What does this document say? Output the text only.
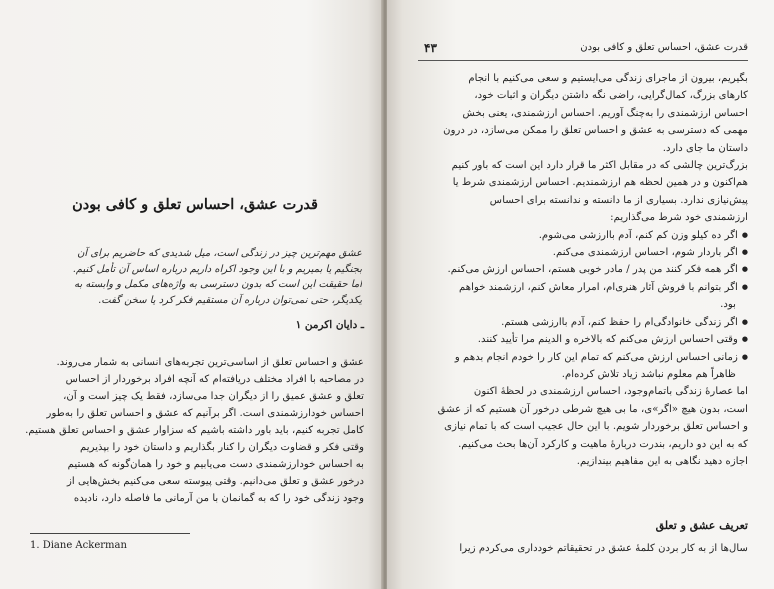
قدرت عشق، احساس تعلق و کافی بودن
عشق مهم‌ترین چیز در زندگی است، میل شدیدی که حاضریم برای آن
بجنگیم یا بمیریم و با این وجود اکراه داریم درباره اساس آن تأمل کنیم.
اما حقیقت این است که بدون دسترسی به واژه‌های مکمل و وابسته به
یکدیگر، حتی نمی‌توان درباره آن مستقیم فکر کرد یا سخن گفت.
ـ دایان اکرمن ۱
عشق و احساس تعلق از اساسی‌ترین تجربه‌های انسانی به شمار می‌روند.
در مصاحبه با افراد مختلف دریافته‌ام که آنچه افراد برخوردار از احساس
تعلق و عشق عمیق را از دیگران جدا می‌سازد، فقط یک چیز است و آن،
احساس خودارزشمندی است. اگر برآنیم که عشق و احساس تعلق را به‌طور
کامل تجربه کنیم، باید باور داشته باشیم که سزاوار عشق و احساس تعلق هستیم.
وقتی فکر و قضاوت دیگران را کنار بگذاریم و داستان خود را بپذیریم
به احساس خودارزشمندی دست می‌یابیم و خود را همان‌گونه که هستیم
درخور عشق و تعلق می‌دانیم. وقتی پیوسته سعی می‌کنیم بخش‌هایی از
وجود زندگی خود را که به گمانمان با من آرمانی ما فاصله دارد، نادیده
1. Diane Ackerman
۴۳	قدرت عشق، احساس تعلق و کافی بودن
بگیریم، بیرون از ماجرای زندگی می‌ایستیم و سعی می‌کنیم با انجام
کارهای بزرگ، کمال‌گرایی، راضی نگه داشتن دیگران و اثبات خود،
احساس ارزشمندی را به‌چنگ آوریم. احساس ارزشمندی، یعنی بخش
مهمی که دسترسی به عشق و احساس تعلق را ممکن می‌سازد، در درون
داستان ما جای دارد.
بزرگ‌ترین چالشی که در مقابل اکثر ما قرار دارد این است که باور کنیم
هم‌اکنون و در همین لحظه هم ارزشمندیم. احساس ارزشمندی شرط یا
پیش‌نیازی ندارد. بسیاری از ما دانسته و ندانسته برای احساس
ارزشمندی خود شرط می‌گذاریم:
● اگر ده کیلو وزن کم کنم، آدم باارزشی می‌شوم.
● اگر باردار شوم، احساس ارزشمندی می‌کنم.
● اگر همه فکر کنند من پدر / مادر خوبی هستم، احساس ارزش می‌کنم.
● اگر بتوانم با فروش آثار هنری‌ام، امرار معاش کنم، ارزشمند خواهم
بود.
● اگر زندگی خانوادگی‌ام را حفظ کنم، آدم باارزشی هستم.
● وقتی احساس ارزش می‌کنم که بالاخره و الدینم مرا تأیید کنند.
● زمانی احساس ارزش می‌کنم که تمام این کار را خودم انجام بدهم و
ظاهراً هم معلوم نباشد زیاد تلاش کرده‌ام.
اما عصارهٔ زندگی باتمام‌وجود، احساس ارزشمندی در لحظهٔ اکنون
است، بدون هیچ «اگر»ی، ما بی‌ هیچ شرطی درخور آن هستیم که از عشق
و احساس تعلق برخوردار شویم. با این حال عجیب است که با تمام نیازی
که به این دو داریم، بندرت دربارهٔ ماهیت و کارکرد آن‌ها بحث می‌کنیم.
اجازه دهید نگاهی به این مفاهیم بیندازیم.
تعریف عشق و تعلق
سال‌ها از به کار بردن کلمهٔ عشق در تحقیقاتم خودداری می‌کردم زیرا
